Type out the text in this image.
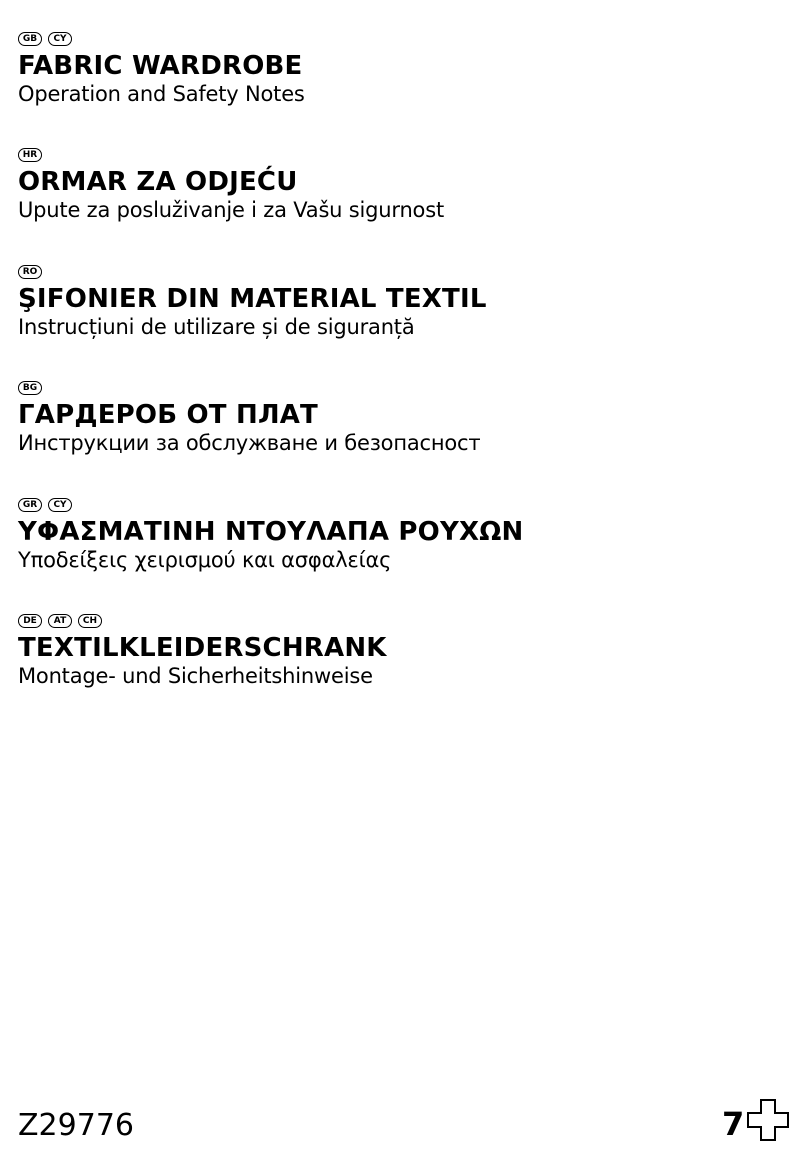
GB	CY
FABRIC WARDROBE
Operation and Safety Notes
HR
ORMAR ZA ODJEĆU
Upute za posluživanje i za Vašu sigurnost
RO
ŞIFONIER DIN MATERIAL TEXTIL
Instrucțiuni de utilizare și de siguranță
BG
ГАРДЕРОБ ОТ ПЛАТ
Инструкции за обслужване и безопасност
GR	CY
ΥΦΑΣΜΑΤΙΝΗ ΝΤΟΥΛΑΠΑ ΡΟΥΧΩΝ
Υποδείξεις χειρισμού και ασφαλείας
DE	AT	CH
TEXTILKLEIDERSCHRANK
Montage- und Sicherheitshinweise
Z29776	7
